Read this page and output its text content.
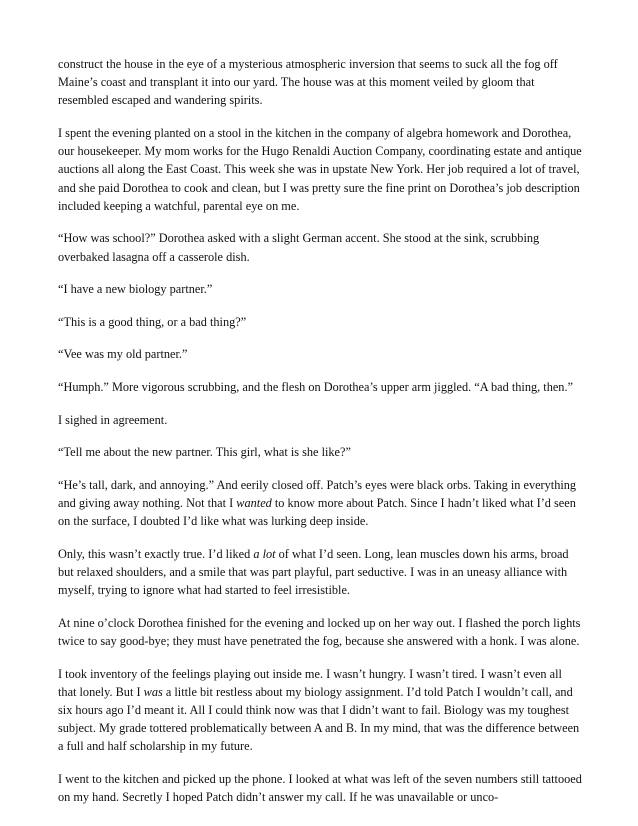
construct the house in the eye of a mysterious atmospheric inversion that seems to suck all the fog off Maine’s coast and transplant it into our yard. The house was at this moment veiled by gloom that resembled escaped and wandering spirits.

I spent the evening planted on a stool in the kitchen in the company of algebra homework and Dorothea, our housekeeper. My mom works for the Hugo Renaldi Auction Company, coordinating estate and antique auctions all along the East Coast. This week she was in upstate New York. Her job required a lot of travel, and she paid Dorothea to cook and clean, but I was pretty sure the fine print on Dorothea’s job description included keeping a watchful, parental eye on me.

“How was school?” Dorothea asked with a slight German accent. She stood at the sink, scrubbing overbaked lasagna off a casserole dish.

“I have a new biology partner.”

“This is a good thing, or a bad thing?”

“Vee was my old partner.”

“Humph.” More vigorous scrubbing, and the flesh on Dorothea’s upper arm jiggled. “A bad thing, then.”

I sighed in agreement.

“Tell me about the new partner. This girl, what is she like?”

“He’s tall, dark, and annoying.” And eerily closed off. Patch’s eyes were black orbs. Taking in everything and giving away nothing. Not that I wanted to know more about Patch. Since I hadn’t liked what I’d seen on the surface, I doubted I’d like what was lurking deep inside.

Only, this wasn’t exactly true. I’d liked a lot of what I’d seen. Long, lean muscles down his arms, broad but relaxed shoulders, and a smile that was part playful, part seductive. I was in an uneasy alliance with myself, trying to ignore what had started to feel irresistible.

At nine o’clock Dorothea finished for the evening and locked up on her way out. I flashed the porch lights twice to say good-bye; they must have penetrated the fog, because she answered with a honk. I was alone.

I took inventory of the feelings playing out inside me. I wasn’t hungry. I wasn’t tired. I wasn’t even all that lonely. But I was a little bit restless about my biology assignment. I’d told Patch I wouldn’t call, and six hours ago I’d meant it. All I could think now was that I didn’t want to fail. Biology was my toughest subject. My grade tottered problematically between A and B. In my mind, that was the difference between a full and half scholarship in my future.

I went to the kitchen and picked up the phone. I looked at what was left of the seven numbers still tattooed on my hand. Secretly I hoped Patch didn’t answer my call. If he was unavailable or unco-
